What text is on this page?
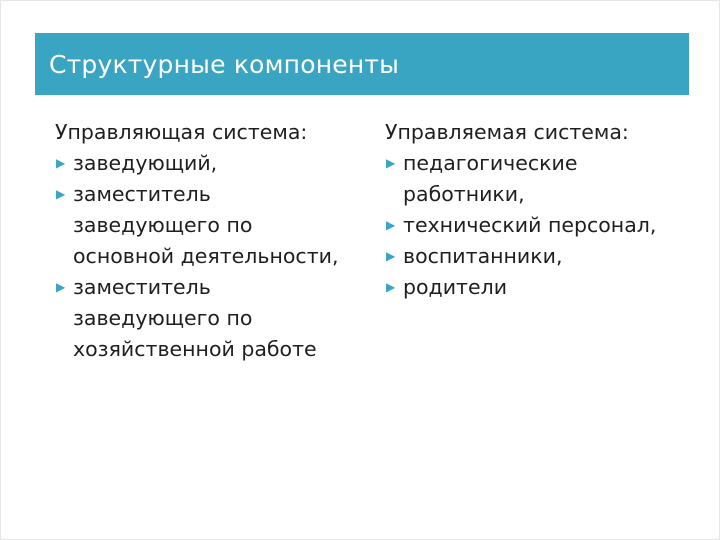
Структурные компоненты
Управляющая система:
▶ заведующий,
▶ заместитель заведующего по основной деятельности,
▶ заместитель заведующего по хозяйственной работе
Управляемая система:
▶ педагогические работники,
▶ технический персонал,
▶ воспитанники,
▶ родители
